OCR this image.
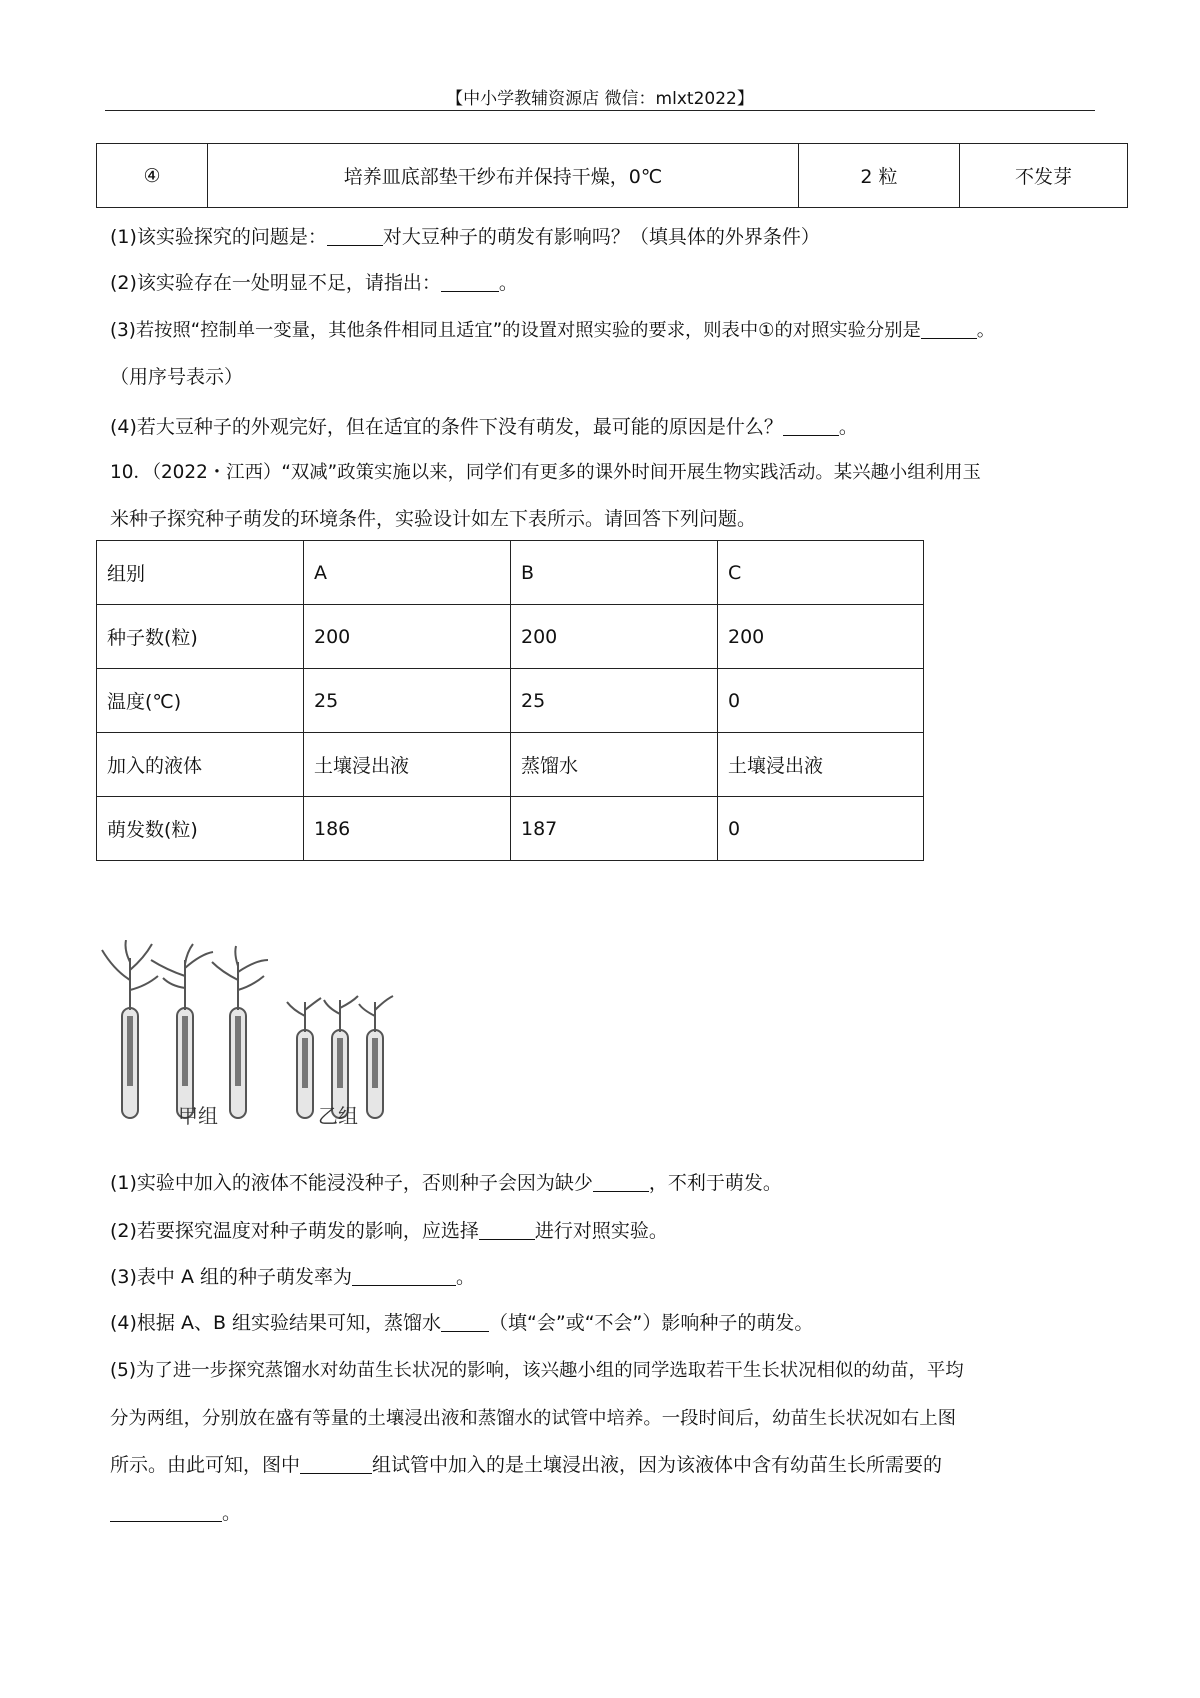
【中小学教辅资源店 微信：mlxt2022】
④	培养皿底部垫干纱布并保持干燥，0℃	2 粒	不发芽
(1)该实验探究的问题是：	对大豆种子的萌发有影响吗？（填具体的外界条件）
(2)该实验存在一处明显不足，请指出：	。
(3)若按照“控制单一变量，其他条件相同且适宜”的设置对照实验的要求，则表中①的对照实验分别是	。
（用序号表示）
(4)若大豆种子的外观完好，但在适宜的条件下没有萌发，最可能的原因是什么？	。
10．（2022・江西）“双减”政策实施以来，同学们有更多的课外时间开展生物实践活动。某兴趣小组利用玉
米种子探究种子萌发的环境条件，实验设计如左下表所示。请回答下列问题。
组别	A	B	C
种子数(粒)	200	200	200
温度(℃)	25	25	0
加入的液体	土壤浸出液	蒸馏水	土壤浸出液
萌发数(粒)	186	187	0
甲组	乙组
(1)实验中加入的液体不能浸没种子，否则种子会因为缺少	，不利于萌发。
(2)若要探究温度对种子萌发的影响，应选择	进行对照实验。
(3)表中 A 组的种子萌发率为	。
(4)根据 A、B 组实验结果可知，蒸馏水	（填“会”或“不会”）影响种子的萌发。
(5)为了进一步探究蒸馏水对幼苗生长状况的影响，该兴趣小组的同学选取若干生长状况相似的幼苗，平均
分为两组，分别放在盛有等量的土壤浸出液和蒸馏水的试管中培养。一段时间后，幼苗生长状况如右上图
所示。由此可知，图中	组试管中加入的是土壤浸出液，因为该液体中含有幼苗生长所需要的
。
